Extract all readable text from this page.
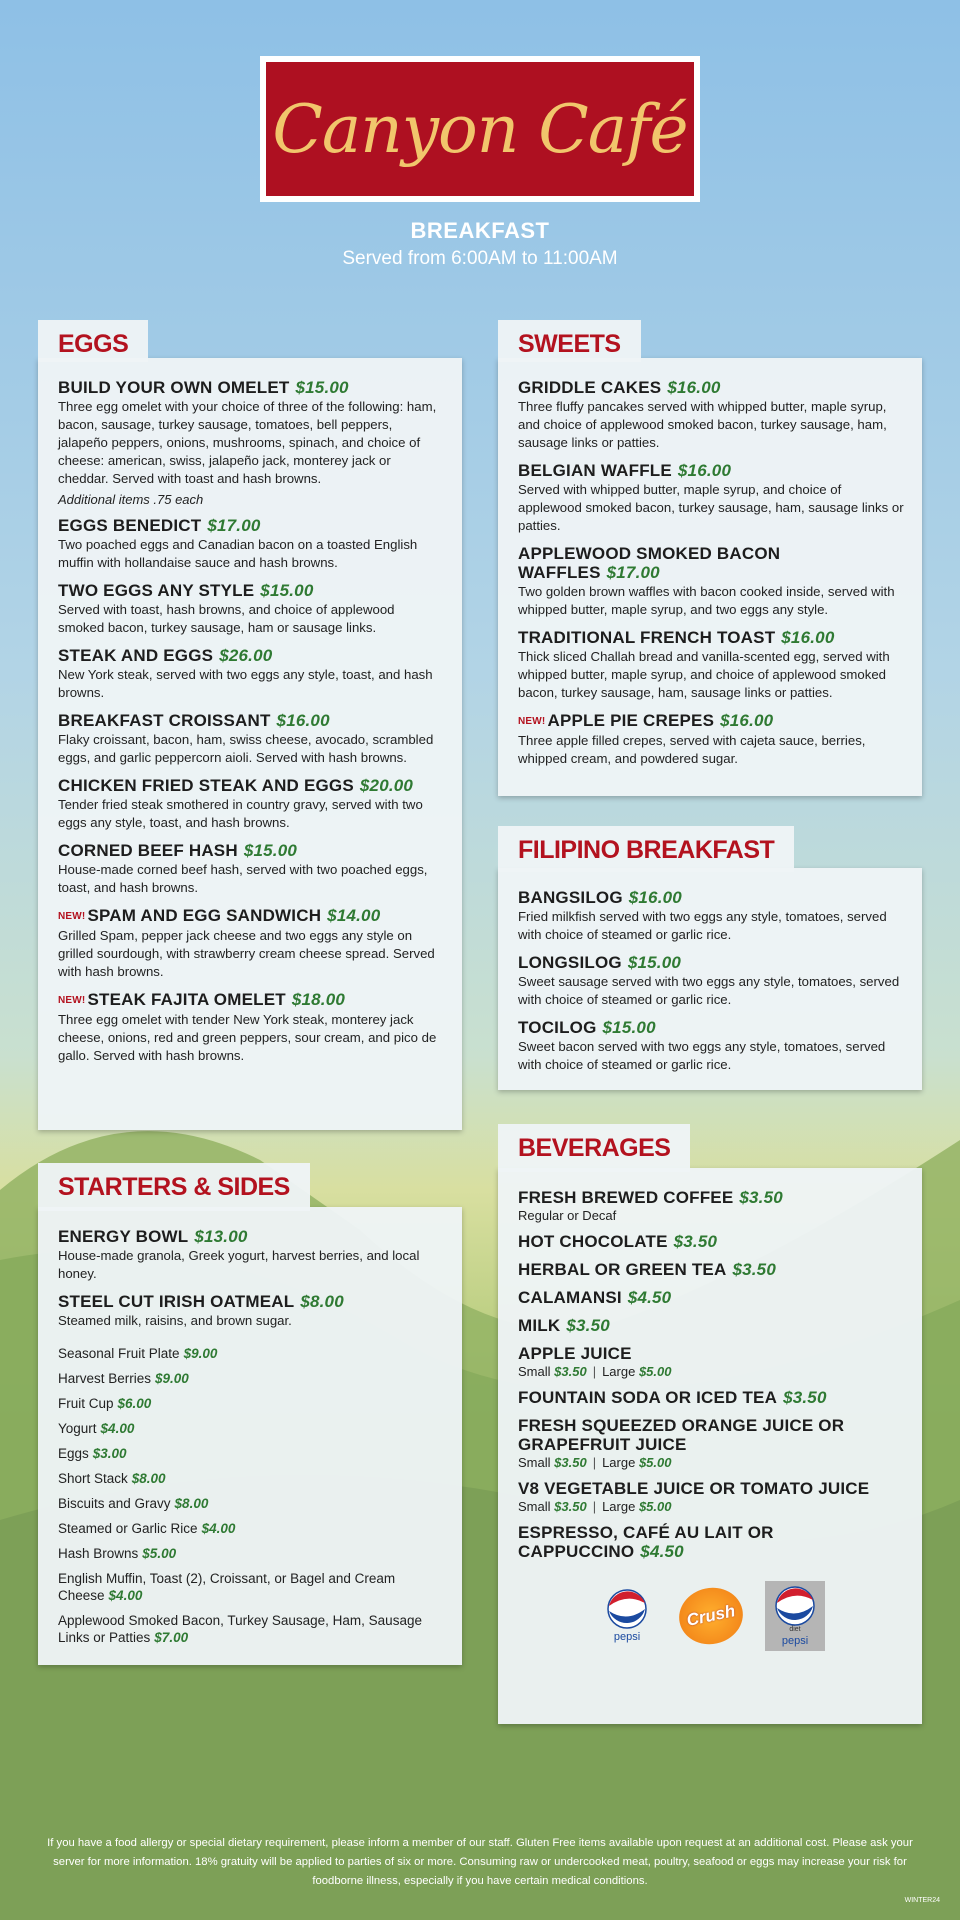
Canyon Café
BREAKFAST
Served from 6:00AM to 11:00AM
BUILD YOUR OWN OMELET $15.00
Three egg omelet with your choice of three of the following: ham, bacon, sausage, turkey sausage, tomatoes, bell peppers, jalapeño peppers, onions, mushrooms, spinach, and choice of cheese: american, swiss, jalapeño jack, monterey jack or cheddar. Served with toast and hash browns.
Additional items .75 each
EGGS BENEDICT $17.00
Two poached eggs and Canadian bacon on a toasted English muffin with hollandaise sauce and hash browns.
TWO EGGS ANY STYLE $15.00
Served with toast, hash browns, and choice of applewood smoked bacon, turkey sausage, ham or sausage links.
STEAK AND EGGS $26.00
New York steak, served with two eggs any style, toast, and hash browns.
BREAKFAST CROISSANT $16.00
Flaky croissant, bacon, ham, swiss cheese, avocado, scrambled eggs, and garlic peppercorn aioli. Served with hash browns.
CHICKEN FRIED STEAK AND EGGS $20.00
Tender fried steak smothered in country gravy, served with two eggs any style, toast, and hash browns.
CORNED BEEF HASH $15.00
House-made corned beef hash, served with two poached eggs, toast, and hash browns.
NEW! SPAM AND EGG SANDWICH $14.00
Grilled Spam, pepper jack cheese and two eggs any style on grilled sourdough, with strawberry cream cheese spread. Served with hash browns.
NEW! STEAK FAJITA OMELET $18.00
Three egg omelet with tender New York steak, monterey jack cheese, onions, red and green peppers, sour cream, and pico de gallo. Served with hash browns.
EGGS
ENERGY BOWL $13.00
House-made granola, Greek yogurt, harvest berries, and local honey.
STEEL CUT IRISH OATMEAL $8.00
Steamed milk, raisins, and brown sugar.
Seasonal Fruit Plate $9.00
Harvest Berries $9.00
Fruit Cup $6.00
Yogurt $4.00
Eggs $3.00
Short Stack $8.00
Biscuits and Gravy $8.00
Steamed or Garlic Rice $4.00
Hash Browns $5.00
English Muffin, Toast (2), Croissant, or Bagel and Cream Cheese $4.00
Applewood Smoked Bacon, Turkey Sausage, Ham, Sausage Links or Patties $7.00
STARTERS & SIDES
GRIDDLE CAKES $16.00
Three fluffy pancakes served with whipped butter, maple syrup, and choice of applewood smoked bacon, turkey sausage, ham, sausage links or patties.
BELGIAN WAFFLE $16.00
Served with whipped butter, maple syrup, and choice of applewood smoked bacon, turkey sausage, ham, sausage links or patties.
APPLEWOOD SMOKED BACON WAFFLES $17.00
Two golden brown waffles with bacon cooked inside, served with whipped butter, maple syrup, and two eggs any style.
TRADITIONAL FRENCH TOAST $16.00
Thick sliced Challah bread and vanilla-scented egg, served with whipped butter, maple syrup, and choice of applewood smoked bacon, turkey sausage, ham, sausage links or patties.
NEW! APPLE PIE CREPES $16.00
Three apple filled crepes, served with cajeta sauce, berries, whipped cream, and powdered sugar.
SWEETS
BANGSILOG $16.00
Fried milkfish served with two eggs any style, tomatoes, served with choice of steamed or garlic rice.
LONGSILOG $15.00
Sweet sausage served with two eggs any style, tomatoes, served with choice of steamed or garlic rice.
TOCILOG $15.00
Sweet bacon served with two eggs any style, tomatoes, served with choice of steamed or garlic rice.
FILIPINO BREAKFAST
FRESH BREWED COFFEE $3.50
Regular or Decaf
HOT CHOCOLATE $3.50
HERBAL OR GREEN TEA $3.50
CALAMANSI $4.50
MILK $3.50
APPLE JUICE
Small $3.50 | Large $5.00
FOUNTAIN SODA OR ICED TEA $3.50
FRESH SQUEEZED ORANGE JUICE OR GRAPEFRUIT JUICE
Small $3.50 | Large $5.00
V8 VEGETABLE JUICE OR TOMATO JUICE
Small $3.50 | Large $5.00
ESPRESSO, CAFÉ AU LAIT OR CAPPUCCINO $4.50
pepsi
Crush	diet
pepsi
BEVERAGES
If you have a food allergy or special dietary requirement, please inform a member of our staff. Gluten Free items available upon request at an additional cost. Please ask your server for more information. 18% gratuity will be applied to parties of six or more. Consuming raw or undercooked meat, poultry, seafood or eggs may increase your risk for foodborne illness, especially if you have certain medical conditions.
WINTER24
